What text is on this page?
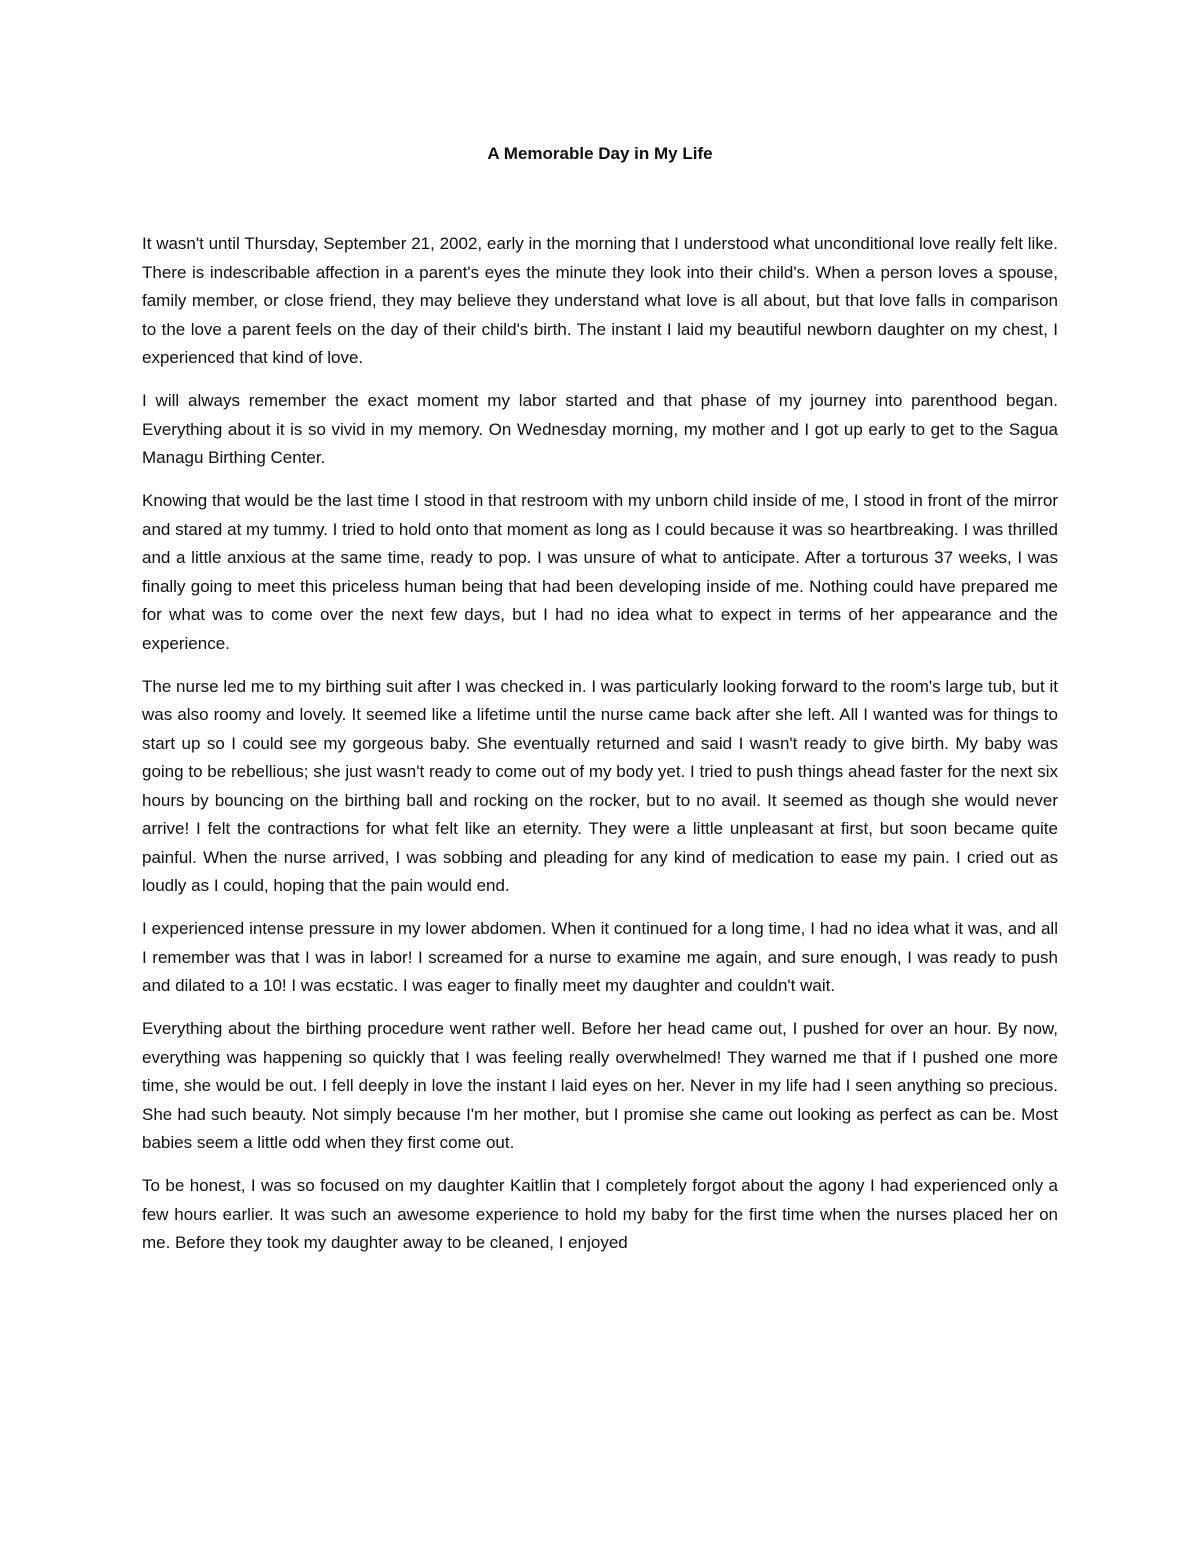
A Memorable Day in My Life

It wasn't until Thursday, September 21, 2002, early in the morning that I understood what unconditional love really felt like. There is indescribable affection in a parent's eyes the minute they look into their child's. When a person loves a spouse, family member, or close friend, they may believe they understand what love is all about, but that love falls in comparison to the love a parent feels on the day of their child's birth. The instant I laid my beautiful newborn daughter on my chest, I experienced that kind of love.

I will always remember the exact moment my labor started and that phase of my journey into parenthood began. Everything about it is so vivid in my memory. On Wednesday morning, my mother and I got up early to get to the Sagua Managu Birthing Center.

Knowing that would be the last time I stood in that restroom with my unborn child inside of me, I stood in front of the mirror and stared at my tummy. I tried to hold onto that moment as long as I could because it was so heartbreaking. I was thrilled and a little anxious at the same time, ready to pop. I was unsure of what to anticipate. After a torturous 37 weeks, I was finally going to meet this priceless human being that had been developing inside of me. Nothing could have prepared me for what was to come over the next few days, but I had no idea what to expect in terms of her appearance and the experience.

The nurse led me to my birthing suit after I was checked in. I was particularly looking forward to the room's large tub, but it was also roomy and lovely. It seemed like a lifetime until the nurse came back after she left. All I wanted was for things to start up so I could see my gorgeous baby. She eventually returned and said I wasn't ready to give birth. My baby was going to be rebellious; she just wasn't ready to come out of my body yet. I tried to push things ahead faster for the next six hours by bouncing on the birthing ball and rocking on the rocker, but to no avail. It seemed as though she would never arrive! I felt the contractions for what felt like an eternity. They were a little unpleasant at first, but soon became quite painful. When the nurse arrived, I was sobbing and pleading for any kind of medication to ease my pain. I cried out as loudly as I could, hoping that the pain would end.

I experienced intense pressure in my lower abdomen. When it continued for a long time, I had no idea what it was, and all I remember was that I was in labor! I screamed for a nurse to examine me again, and sure enough, I was ready to push and dilated to a 10! I was ecstatic. I was eager to finally meet my daughter and couldn't wait.

Everything about the birthing procedure went rather well. Before her head came out, I pushed for over an hour. By now, everything was happening so quickly that I was feeling really overwhelmed! They warned me that if I pushed one more time, she would be out. I fell deeply in love the instant I laid eyes on her. Never in my life had I seen anything so precious. She had such beauty. Not simply because I'm her mother, but I promise she came out looking as perfect as can be. Most babies seem a little odd when they first come out.

To be honest, I was so focused on my daughter Kaitlin that I completely forgot about the agony I had experienced only a few hours earlier. It was such an awesome experience to hold my baby for the first time when the nurses placed her on me. Before they took my daughter away to be cleaned, I enjoyed
